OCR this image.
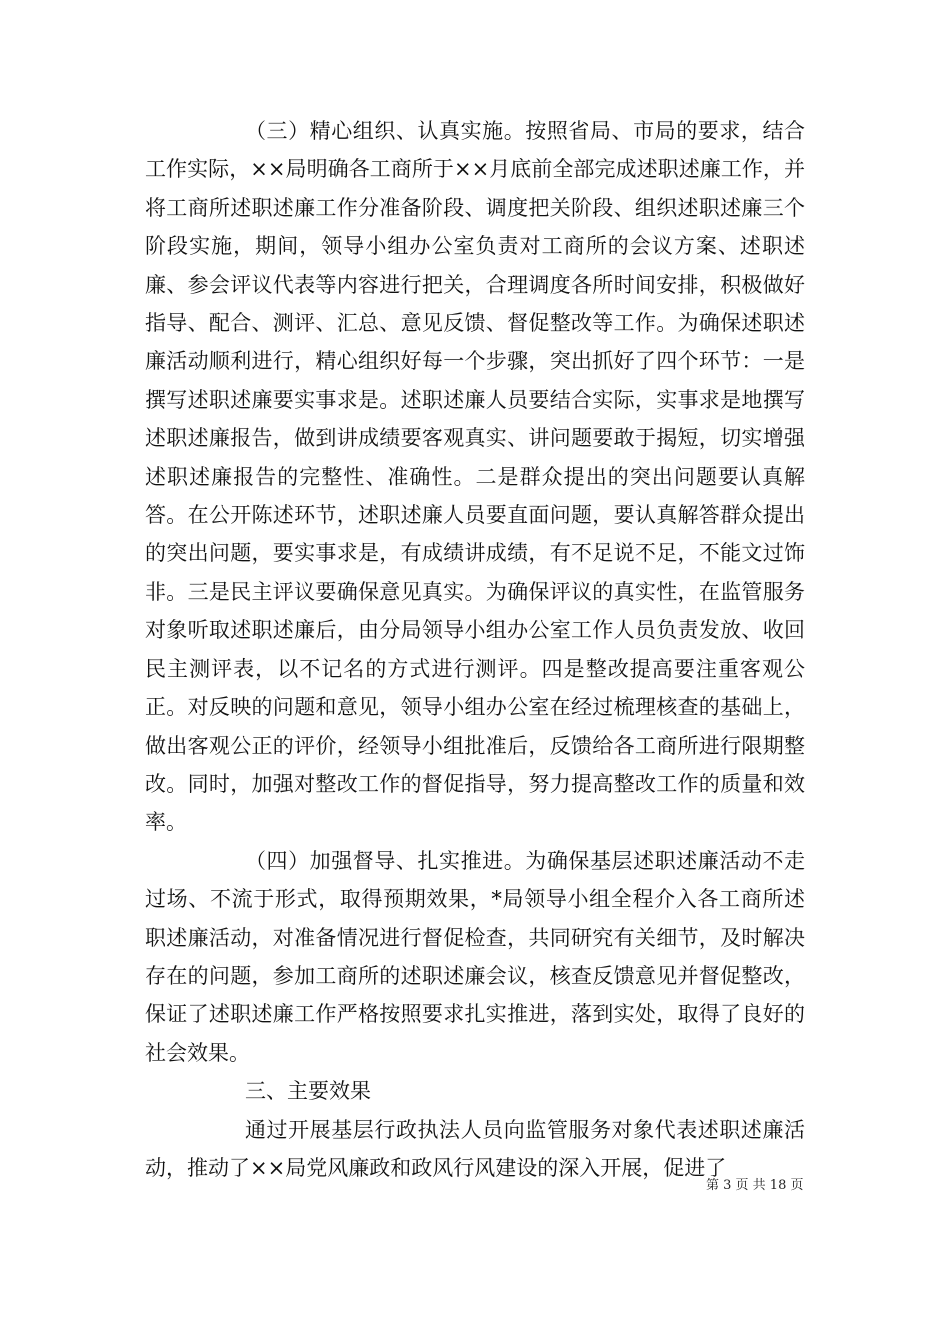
（三）精心组织、认真实施。按照省局、市局的要求，结合工作实际，××局明确各工商所于××月底前全部完成述职述廉工作，并将工商所述职述廉工作分准备阶段、调度把关阶段、组织述职述廉三个阶段实施，期间，领导小组办公室负责对工商所的会议方案、述职述廉、参会评议代表等内容进行把关，合理调度各所时间安排，积极做好指导、配合、测评、汇总、意见反馈、督促整改等工作。为确保述职述廉活动顺利进行，精心组织好每一个步骤，突出抓好了四个环节：一是撰写述职述廉要实事求是。述职述廉人员要结合实际，实事求是地撰写述职述廉报告，做到讲成绩要客观真实、讲问题要敢于揭短，切实增强述职述廉报告的完整性、准确性。二是群众提出的突出问题要认真解答。在公开陈述环节，述职述廉人员要直面问题，要认真解答群众提出的突出问题，要实事求是，有成绩讲成绩，有不足说不足，不能文过饰非。三是民主评议要确保意见真实。为确保评议的真实性，在监管服务对象听取述职述廉后，由分局领导小组办公室工作人员负责发放、收回民主测评表，以不记名的方式进行测评。四是整改提高要注重客观公正。对反映的问题和意见，领导小组办公室在经过梳理核查的基础上，做出客观公正的评价，经领导小组批准后，反馈给各工商所进行限期整改。同时，加强对整改工作的督促指导，努力提高整改工作的质量和效率。

（四）加强督导、扎实推进。为确保基层述职述廉活动不走过场、不流于形式，取得预期效果，*局领导小组全程介入各工商所述职述廉活动，对准备情况进行督促检查，共同研究有关细节，及时解决存在的问题，参加工商所的述职述廉会议，核查反馈意见并督促整改，保证了述职述廉工作严格按照要求扎实推进，落到实处，取得了良好的社会效果。

三、主要效果

通过开展基层行政执法人员向监管服务对象代表述职述廉活动，推动了××局党风廉政和政风行风建设的深入开展，促进了

第 3 页 共 18 页
